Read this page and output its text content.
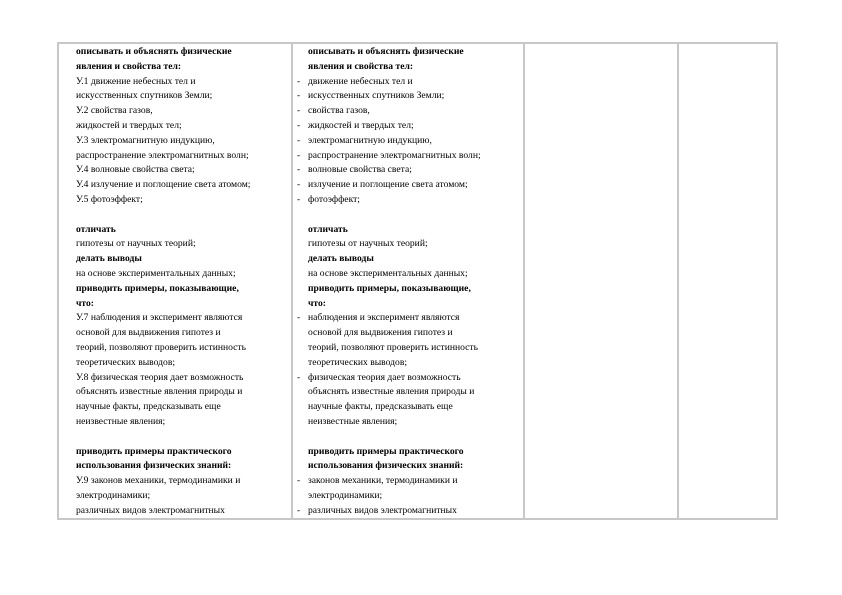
описывать и объяснять физические
явления и свойства тел:
У.1 движение небесных тел и
искусственных спутников Земли;
У.2 свойства газов,
жидкостей и твердых тел;
У.3 электромагнитную индукцию,
распространение электромагнитных волн;
У.4 волновые свойства света;
У.4 излучение и поглощение света атомом;
У.5 фотоэффект;
отличать
гипотезы от научных теорий;
делать выводы
на основе экспериментальных данных;
приводить примеры, показывающие,
что:
У.7 наблюдения и эксперимент являются
основой для выдвижения гипотез и
теорий, позволяют проверить истинность
теоретических выводов;
У.8 физическая теория дает возможность
объяснять известные явления природы и
научные факты, предсказывать еще
неизвестные явления;
приводить примеры практического
использования физических знаний:
У.9 законов механики, термодинамики и
электродинамики;
различных видов электромагнитных
описывать и объяснять физические
явления и свойства тел:
- движение небесных тел и
- искусственных спутников Земли;
- свойства газов,
- жидкостей и твердых тел;
- электромагнитную индукцию,
- распространение электромагнитных волн;
- волновые свойства света;
- излучение и поглощение света атомом;
- фотоэффект;
отличать
гипотезы от научных теорий;
делать выводы
на основе экспериментальных данных;
приводить примеры, показывающие,
что:
- наблюдения и эксперимент являются
основой для выдвижения гипотез и
теорий, позволяют проверить истинность
теоретических выводов;
- физическая теория дает возможность
объяснять известные явления природы и
научные факты, предсказывать еще
неизвестные явления;
приводить примеры практического
использования физических знаний:
- законов механики, термодинамики и
электродинамики;
- различных видов электромагнитных
